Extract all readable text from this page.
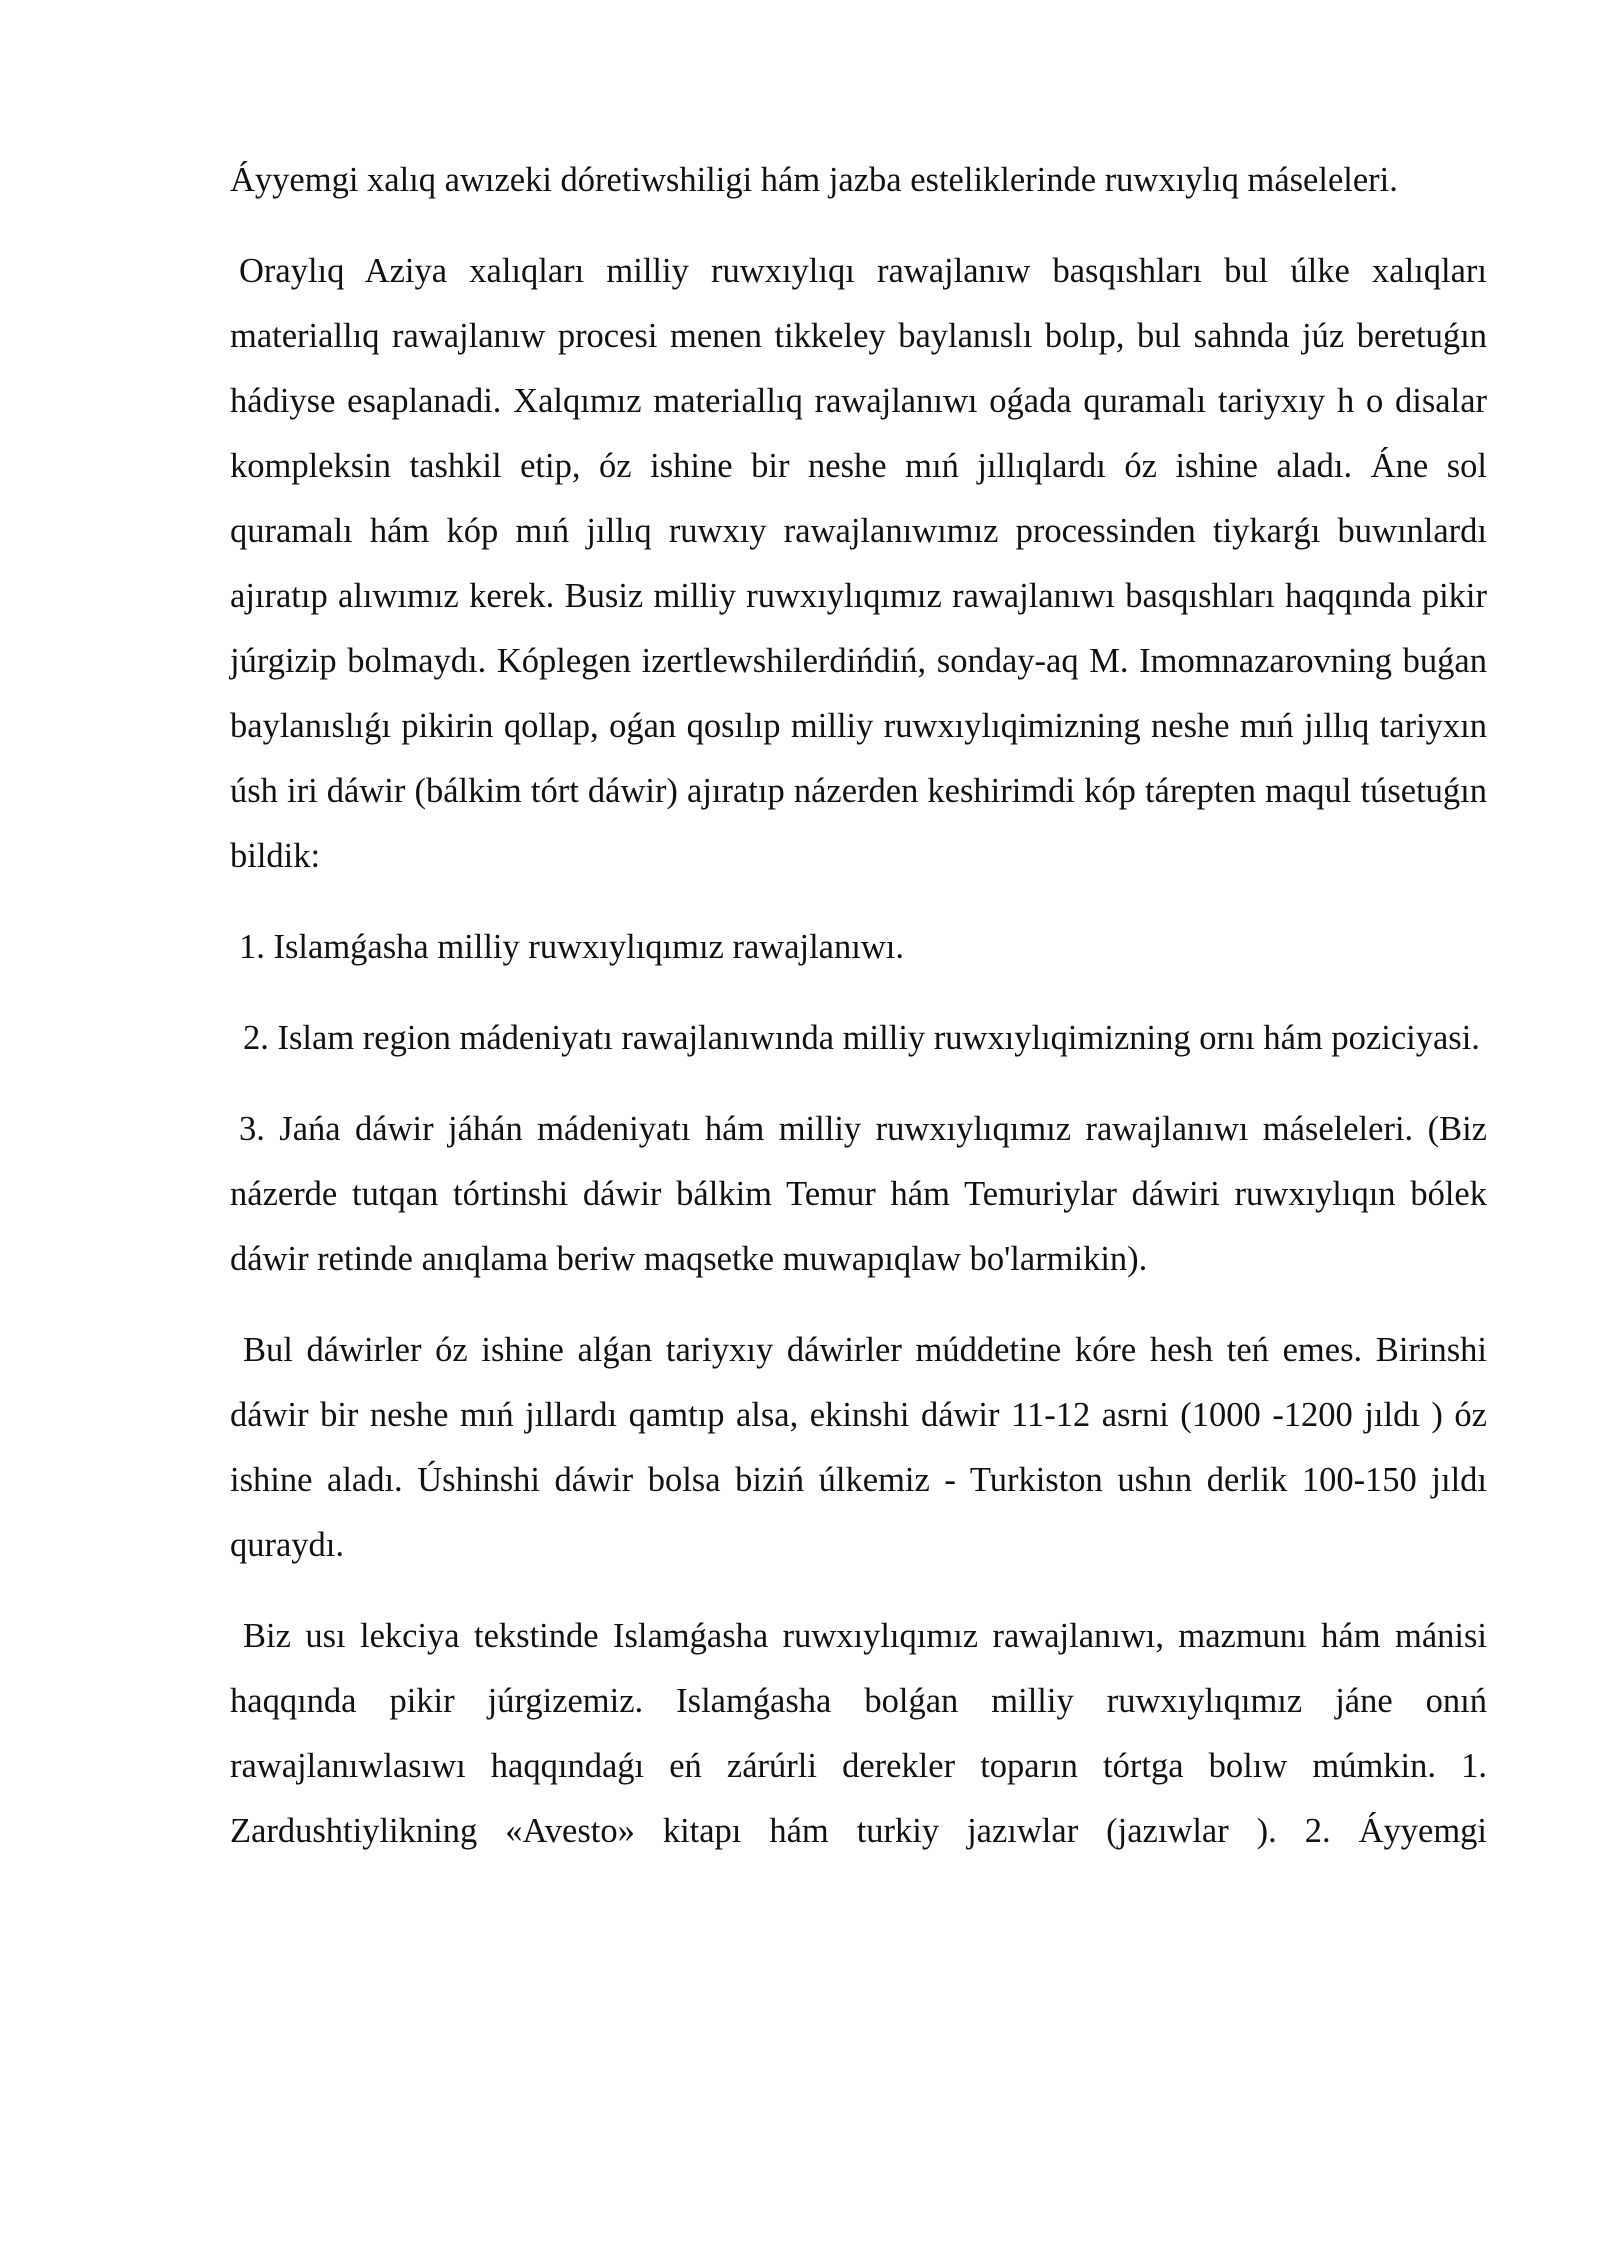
Áyyemgi xalıq awızeki dóretiwshiligi hám jazba esteliklerinde ruwxıylıq máseleleri.

Oraylıq Aziya xalıqları milliy ruwxıylıqı rawajlanıw basqıshları bul úlke xalıqları materiallıq rawajlanıw procesi menen tikkeley baylanıslı bolıp, bul sahnda júz beretuǵın hádiyse esaplanadi. Xalqımız materiallıq rawajlanıwı oǵada quramalı tariyxıy h o disalar kompleksin tashkil etip, óz ishine bir neshe mıń jıllıqlardı óz ishine aladı. Áne sol quramalı hám kóp mıń jıllıq ruwxıy rawajlanıwımız processinden tiykarǵı buwınlardı ajıratıp alıwımız kerek. Busiz milliy ruwxıylıqımız rawajlanıwı basqıshları haqqında pikir júrgizip bolmaydı. Kóplegen izertlewshilerdińdiń, sonday-aq M. Imomnazarovning buǵan baylanıslıǵı pikirin qollap, oǵan qosılıp milliy ruwxıylıqimizning neshe mıń jıllıq tariyxın úsh iri dáwir (bálkim tórt dáwir) ajıratıp názerden keshirimdi kóp tárepten maqul túsetuǵın bildik:

1. Islamǵasha milliy ruwxıylıqımız rawajlanıwı.

2. Islam region mádeniyatı rawajlanıwında milliy ruwxıylıqimizning ornı hám poziciyasi.

3. Jańa dáwir jáhán mádeniyatı hám milliy ruwxıylıqımız rawajlanıwı máseleleri. (Biz názerde tutqan tórtinshi dáwir bálkim Temur hám Temuriylar dáwiri ruwxıylıqın bólek dáwir retinde anıqlama beriw maqsetke muwapıqlaw bo'larmikin).

Bul dáwirler óz ishine alǵan tariyxıy dáwirler múddetine kóre hesh teń emes. Birinshi dáwir bir neshe mıń jıllardı qamtıp alsa, ekinshi dáwir 11-12 asrni (1000 -1200 jıldı ) óz ishine aladı. Úshinshi dáwir bolsa biziń úlkemiz - Turkiston ushın derlik 100-150 jıldı quraydı.

Biz usı lekciya tekstinde Islamǵasha ruwxıylıqımız rawajlanıwı, mazmunı hám mánisi haqqında pikir júrgizemiz. Islamǵasha bolǵan milliy ruwxıylıqımız jáne onıń rawajlanıwlasıwı haqqındaǵı eń zárúrli derekler toparın tórtga bolıw múmkin. 1. Zardushtiylikning «Avesto» kitapı hám turkiy jazıwlar (jazıwlar ). 2. Áyyemgi
